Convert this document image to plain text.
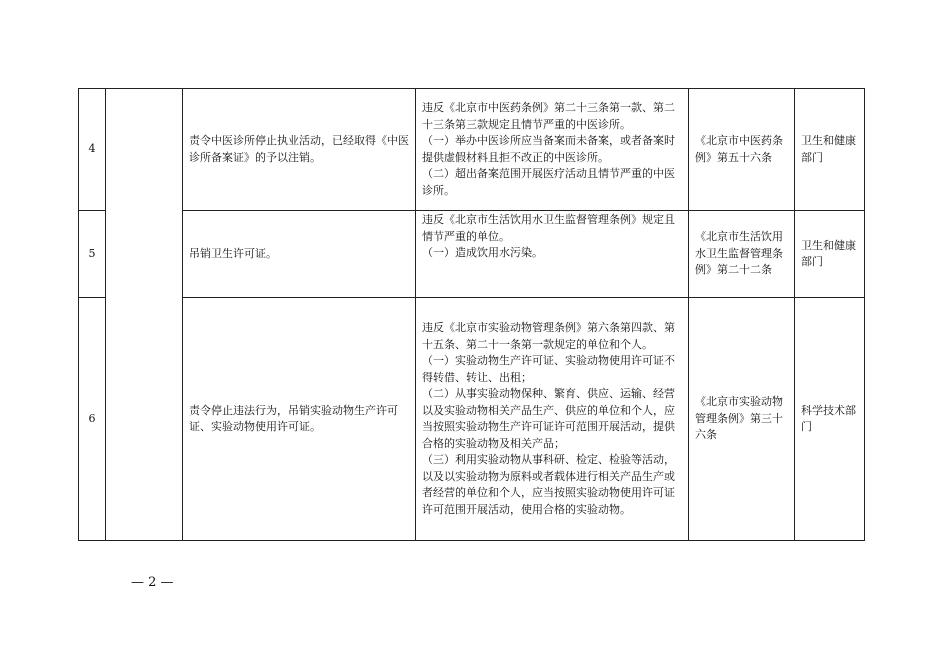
4		责令中医诊所停止执业活动，已经取得《中医诊所备案证》的予以注销。	违反《北京市中医药条例》第二十三条第一款、第二十三条第三款规定且情节严重的中医诊所。
（一）举办中医诊所应当备案而未备案，或者备案时提供虚假材料且拒不改正的中医诊所。
（二）超出备案范围开展医疗活动且情节严重的中医诊所。	《北京市中医药条例》第五十六条	卫生和健康部门
5		吊销卫生许可证。	违反《北京市生活饮用水卫生监督管理条例》规定且情节严重的单位。
（一）造成饮用水污染。	《北京市生活饮用水卫生监督管理条例》第二十二条	卫生和健康部门
6		责令停止违法行为，吊销实验动物生产许可证、实验动物使用许可证。	违反《北京市实验动物管理条例》第六条第四款、第十五条、第二十一条第一款规定的单位和个人。
（一）实验动物生产许可证、实验动物使用许可证不得转借、转让、出租；
（二）从事实验动物保种、繁育、供应、运输、经营以及实验动物相关产品生产、供应的单位和个人，应当按照实验动物生产许可证许可范围开展活动，提供合格的实验动物及相关产品；
（三）利用实验动物从事科研、检定、检验等活动，以及以实验动物为原料或者载体进行相关产品生产或者经营的单位和个人，应当按照实验动物使用许可证许可范围开展活动，使用合格的实验动物。	《北京市实验动物管理条例》第三十六条	科学技术部门
— 2 —
